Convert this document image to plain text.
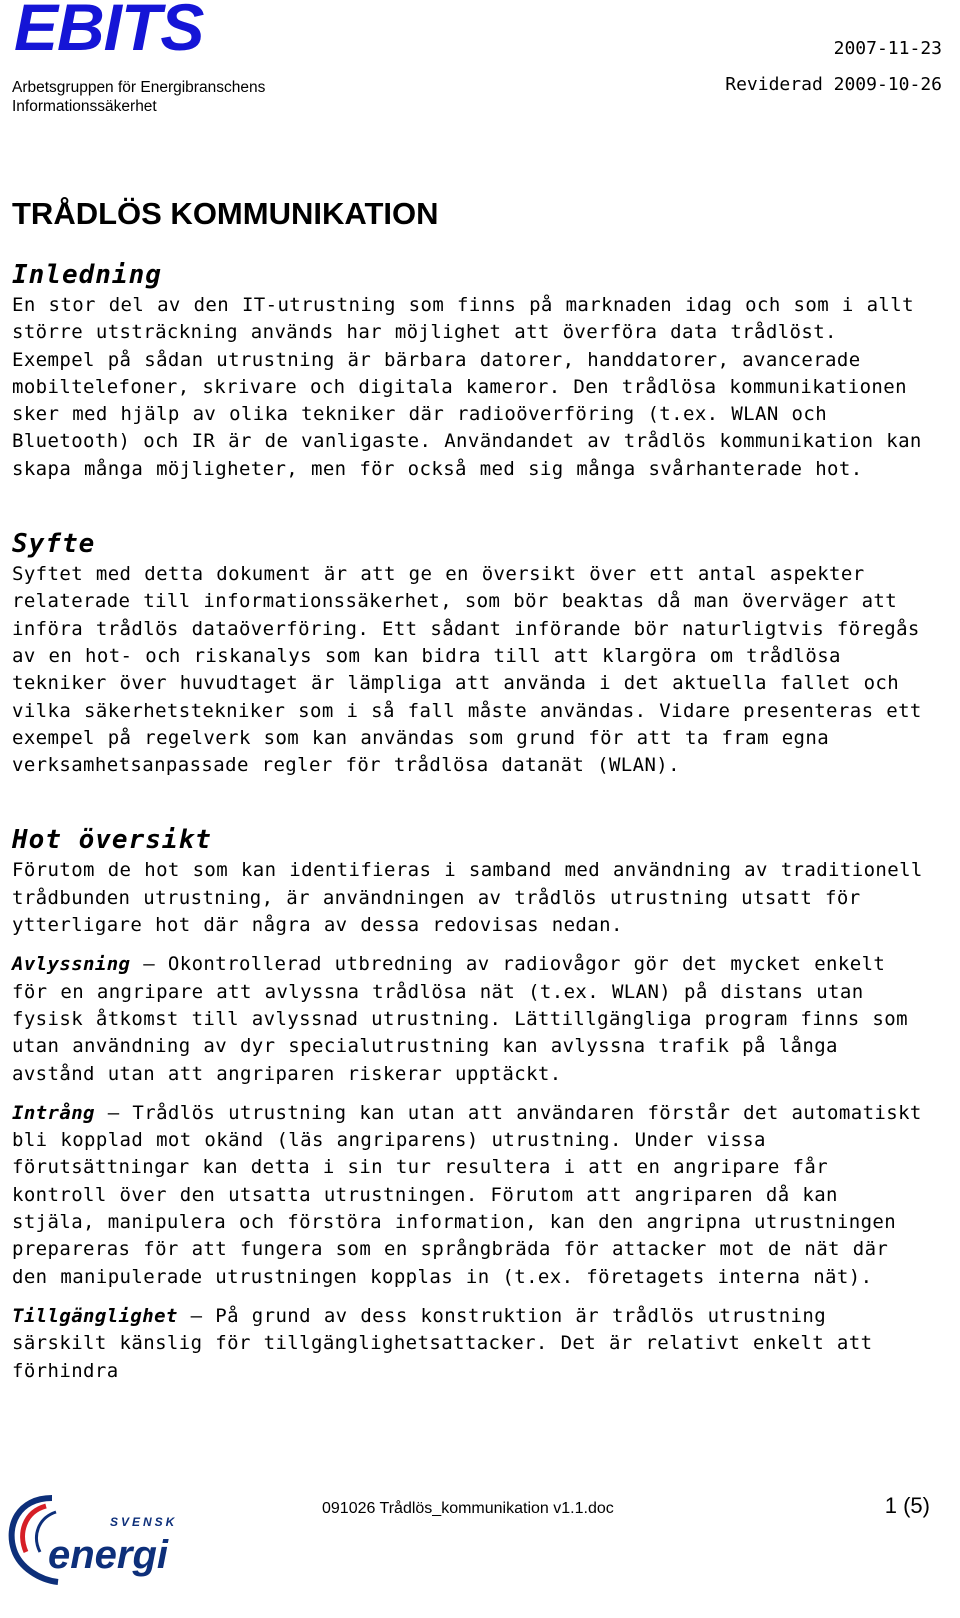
EBITS
Arbetsgruppen för Energibranschens
Informationssäkerhet
2007-11-23
Reviderad 2009-10-26
TRÅDLÖS KOMMUNIKATION
Inledning

En stor del av den IT-utrustning som finns på marknaden idag och som i allt större utsträckning används har möjlighet att överföra data trådlöst. Exempel på sådan utrustning är bärbara datorer, handdatorer, avancerade mobiltelefoner, skrivare och digitala kameror. Den trådlösa kommunikationen sker med hjälp av olika tekniker där radioöverföring (t.ex. WLAN och Bluetooth) och IR är de vanligaste. Användandet av trådlös kommunikation kan skapa många möjligheter, men för också med sig många svårhanterade hot.

Syfte

Syftet med detta dokument är att ge en översikt över ett antal aspekter relaterade till informationssäkerhet, som bör beaktas då man överväger att införa trådlös dataöverföring. Ett sådant införande bör naturligtvis föregås av en hot- och riskanalys som kan bidra till att klargöra om trådlösa tekniker över huvudtaget är lämpliga att använda i det aktuella fallet och vilka säkerhetstekniker som i så fall måste användas. Vidare presenteras ett exempel på regelverk som kan användas som grund för att ta fram egna verksamhetsanpassade regler för trådlösa datanät (WLAN).

Hot översikt

Förutom de hot som kan identifieras i samband med användning av traditionell trådbunden utrustning, är användningen av trådlös utrustning utsatt för ytterligare hot där några av dessa redovisas nedan.

Avlyssning – Okontrollerad utbredning av radiovågor gör det mycket enkelt för en angripare att avlyssna trådlösa nät (t.ex. WLAN) på distans utan fysisk åtkomst till avlyssnad utrustning. Lättillgängliga program finns som utan användning av dyr specialutrustning kan avlyssna trafik på långa avstånd utan att angriparen riskerar upptäckt.

Intrång – Trådlös utrustning kan utan att användaren förstår det automatiskt bli kopplad mot okänd (läs angriparens) utrustning. Under vissa förutsättningar kan detta i sin tur resultera i att en angripare får kontroll över den utsatta utrustningen. Förutom att angriparen då kan stjäla, manipulera och förstöra information, kan den angripna utrustningen prepareras för att fungera som en språngbräda för attacker mot de nät där den manipulerade utrustningen kopplas in (t.ex. företagets interna nät).

Tillgänglighet – På grund av dess konstruktion är trådlös utrustning särskilt känslig för tillgänglighetsattacker. Det är relativt enkelt att förhindra

SVENSK
energi
091026 Trådlös_kommunikation v1.1.doc	1 (5)
